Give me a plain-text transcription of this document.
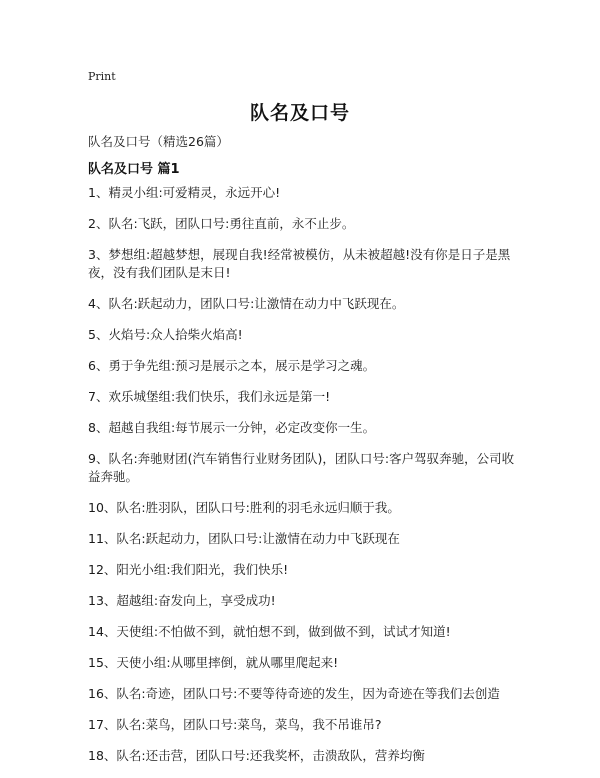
Print
队名及口号
队名及口号（精选26篇）
队名及口号 篇1
1、精灵小组:可爱精灵，永远开心!
2、队名:飞跃，团队口号:勇往直前，永不止步。
3、梦想组:超越梦想，展现自我!经常被模仿，从未被超越!没有你是日子是黑夜，没有我们团队是末日!
4、队名:跃起动力，团队口号:让激情在动力中飞跃现在。
5、火焰号:众人拾柴火焰高!
6、勇于争先组:预习是展示之本，展示是学习之魂。
7、欢乐城堡组:我们快乐，我们永远是第一!
8、超越自我组:每节展示一分钟，必定改变你一生。
9、队名:奔驰财团(汽车销售行业财务团队)，团队口号:客户驾驭奔驰，公司收益奔驰。
10、队名:胜羽队，团队口号:胜利的羽毛永远归顺于我。
11、队名:跃起动力，团队口号:让激情在动力中飞跃现在
12、阳光小组:我们阳光，我们快乐!
13、超越组:奋发向上，享受成功!
14、天使组:不怕做不到，就怕想不到，做到做不到，试试才知道!
15、天使小组:从哪里摔倒，就从哪里爬起来!
16、队名:奇迹，团队口号:不要等待奇迹的发生，因为奇迹在等我们去创造
17、队名:菜鸟，团队口号:菜鸟，菜鸟，我不吊谁吊?
18、队名:还击营，团队口号:还我奖杯，击溃敌队，营养均衡
